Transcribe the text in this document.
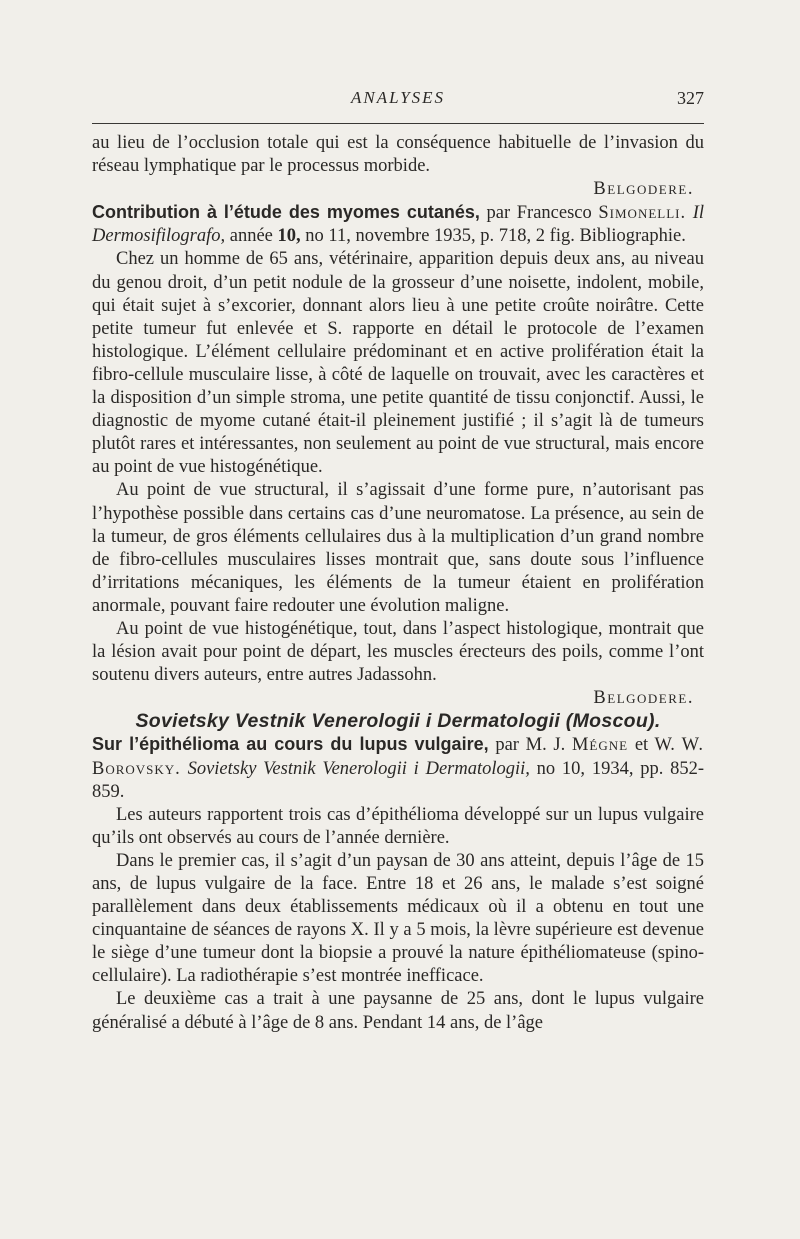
ANALYSES	327

au lieu de l’occlusion totale qui est la conséquence habituelle de l’invasion du réseau lymphatique par le processus morbide.

Belgodere.

Contribution à l’étude des myomes cutanés, par Francesco Simonelli. Il Dermosifilografo, année 10, no 11, novembre 1935, p. 718, 2 fig. Bibliographie.

Chez un homme de 65 ans, vétérinaire, apparition depuis deux ans, au niveau du genou droit, d’un petit nodule de la grosseur d’une noisette, indolent, mobile, qui était sujet à s’excorier, donnant alors lieu à une petite croûte noirâtre. Cette petite tumeur fut enlevée et S. rapporte en détail le protocole de l’examen histologique. L’élément cellulaire prédominant et en active prolifération était la fibro-cellule musculaire lisse, à côté de laquelle on trouvait, avec les caractères et la disposition d’un simple stroma, une petite quantité de tissu conjonctif. Aussi, le diagnostic de myome cutané était-il pleinement justifié ; il s’agit là de tumeurs plutôt rares et intéressantes, non seulement au point de vue structural, mais encore au point de vue histogénétique.

Au point de vue structural, il s’agissait d’une forme pure, n’autorisant pas l’hypothèse possible dans certains cas d’une neuromatose. La présence, au sein de la tumeur, de gros éléments cellulaires dus à la multiplication d’un grand nombre de fibro-cellules musculaires lisses montrait que, sans doute sous l’influence d’irritations mécaniques, les éléments de la tumeur étaient en prolifération anormale, pouvant faire redouter une évolution maligne.

Au point de vue histogénétique, tout, dans l’aspect histologique, montrait que la lésion avait pour point de départ, les muscles érecteurs des poils, comme l’ont soutenu divers auteurs, entre autres Jadassohn.

Belgodere.

Sovietsky Vestnik Venerologii i Dermatologii (Moscou).

Sur l’épithélioma au cours du lupus vulgaire, par M. J. Mégne et W. W. Borovsky. Sovietsky Vestnik Venerologii i Dermatologii, no 10, 1934, pp. 852-859.

Les auteurs rapportent trois cas d’épithélioma développé sur un lupus vulgaire qu’ils ont observés au cours de l’année dernière.

Dans le premier cas, il s’agit d’un paysan de 30 ans atteint, depuis l’âge de 15 ans, de lupus vulgaire de la face. Entre 18 et 26 ans, le malade s’est soigné parallèlement dans deux établissements médicaux où il a obtenu en tout une cinquantaine de séances de rayons X. Il y a 5 mois, la lèvre supérieure est devenue le siège d’une tumeur dont la biopsie a prouvé la nature épithéliomateuse (spino-cellulaire). La radiothérapie s’est montrée inefficace.

Le deuxième cas a trait à une paysanne de 25 ans, dont le lupus vulgaire généralisé a débuté à l’âge de 8 ans. Pendant 14 ans, de l’âge
